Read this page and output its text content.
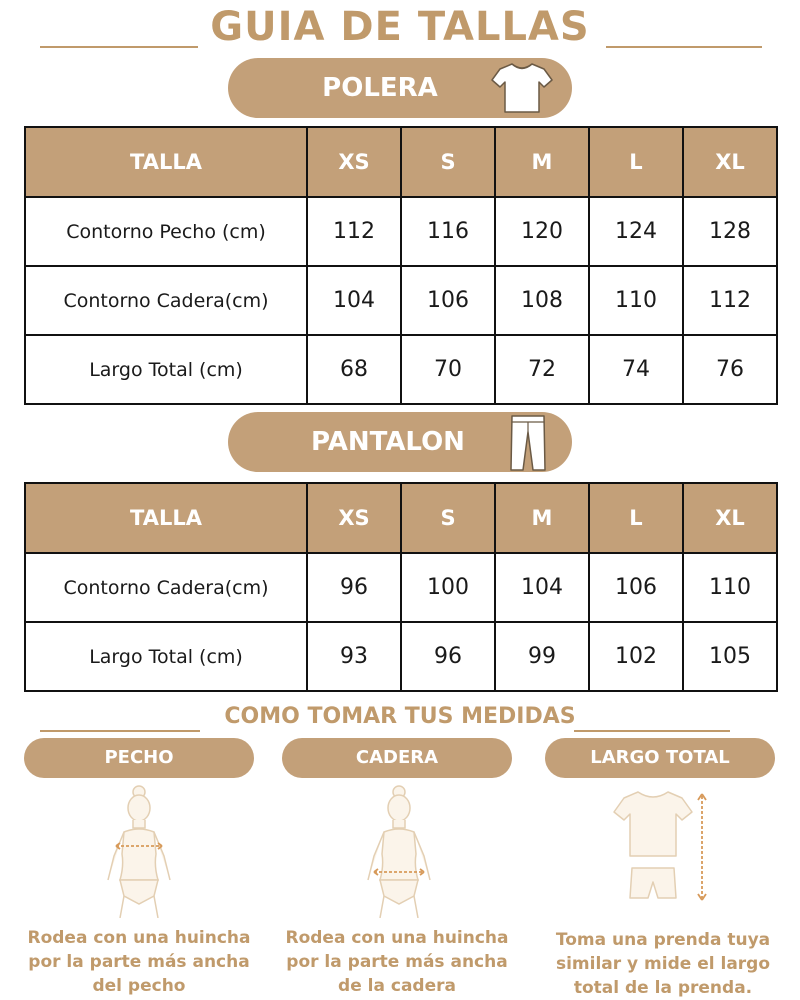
GUIA DE TALLAS
POLERA
TALLA	XS	S	M	L	XL
Contorno Pecho (cm)	112	116	120	124	128
Contorno Cadera(cm)	104	106	108	110	112
Largo Total (cm)	68	70	72	74	76
PANTALON
TALLA	XS	S	M	L	XL
Contorno Cadera(cm)	96	100	104	106	110
Largo Total (cm)	93	96	99	102	105
COMO TOMAR TUS MEDIDAS
PECHO
Rodea con una huincha
por la parte más ancha
del pecho
CADERA
Rodea con una huincha
por la parte más ancha
de la cadera
LARGO TOTAL
Toma una prenda tuya
similar y mide el largo
total de la prenda.
